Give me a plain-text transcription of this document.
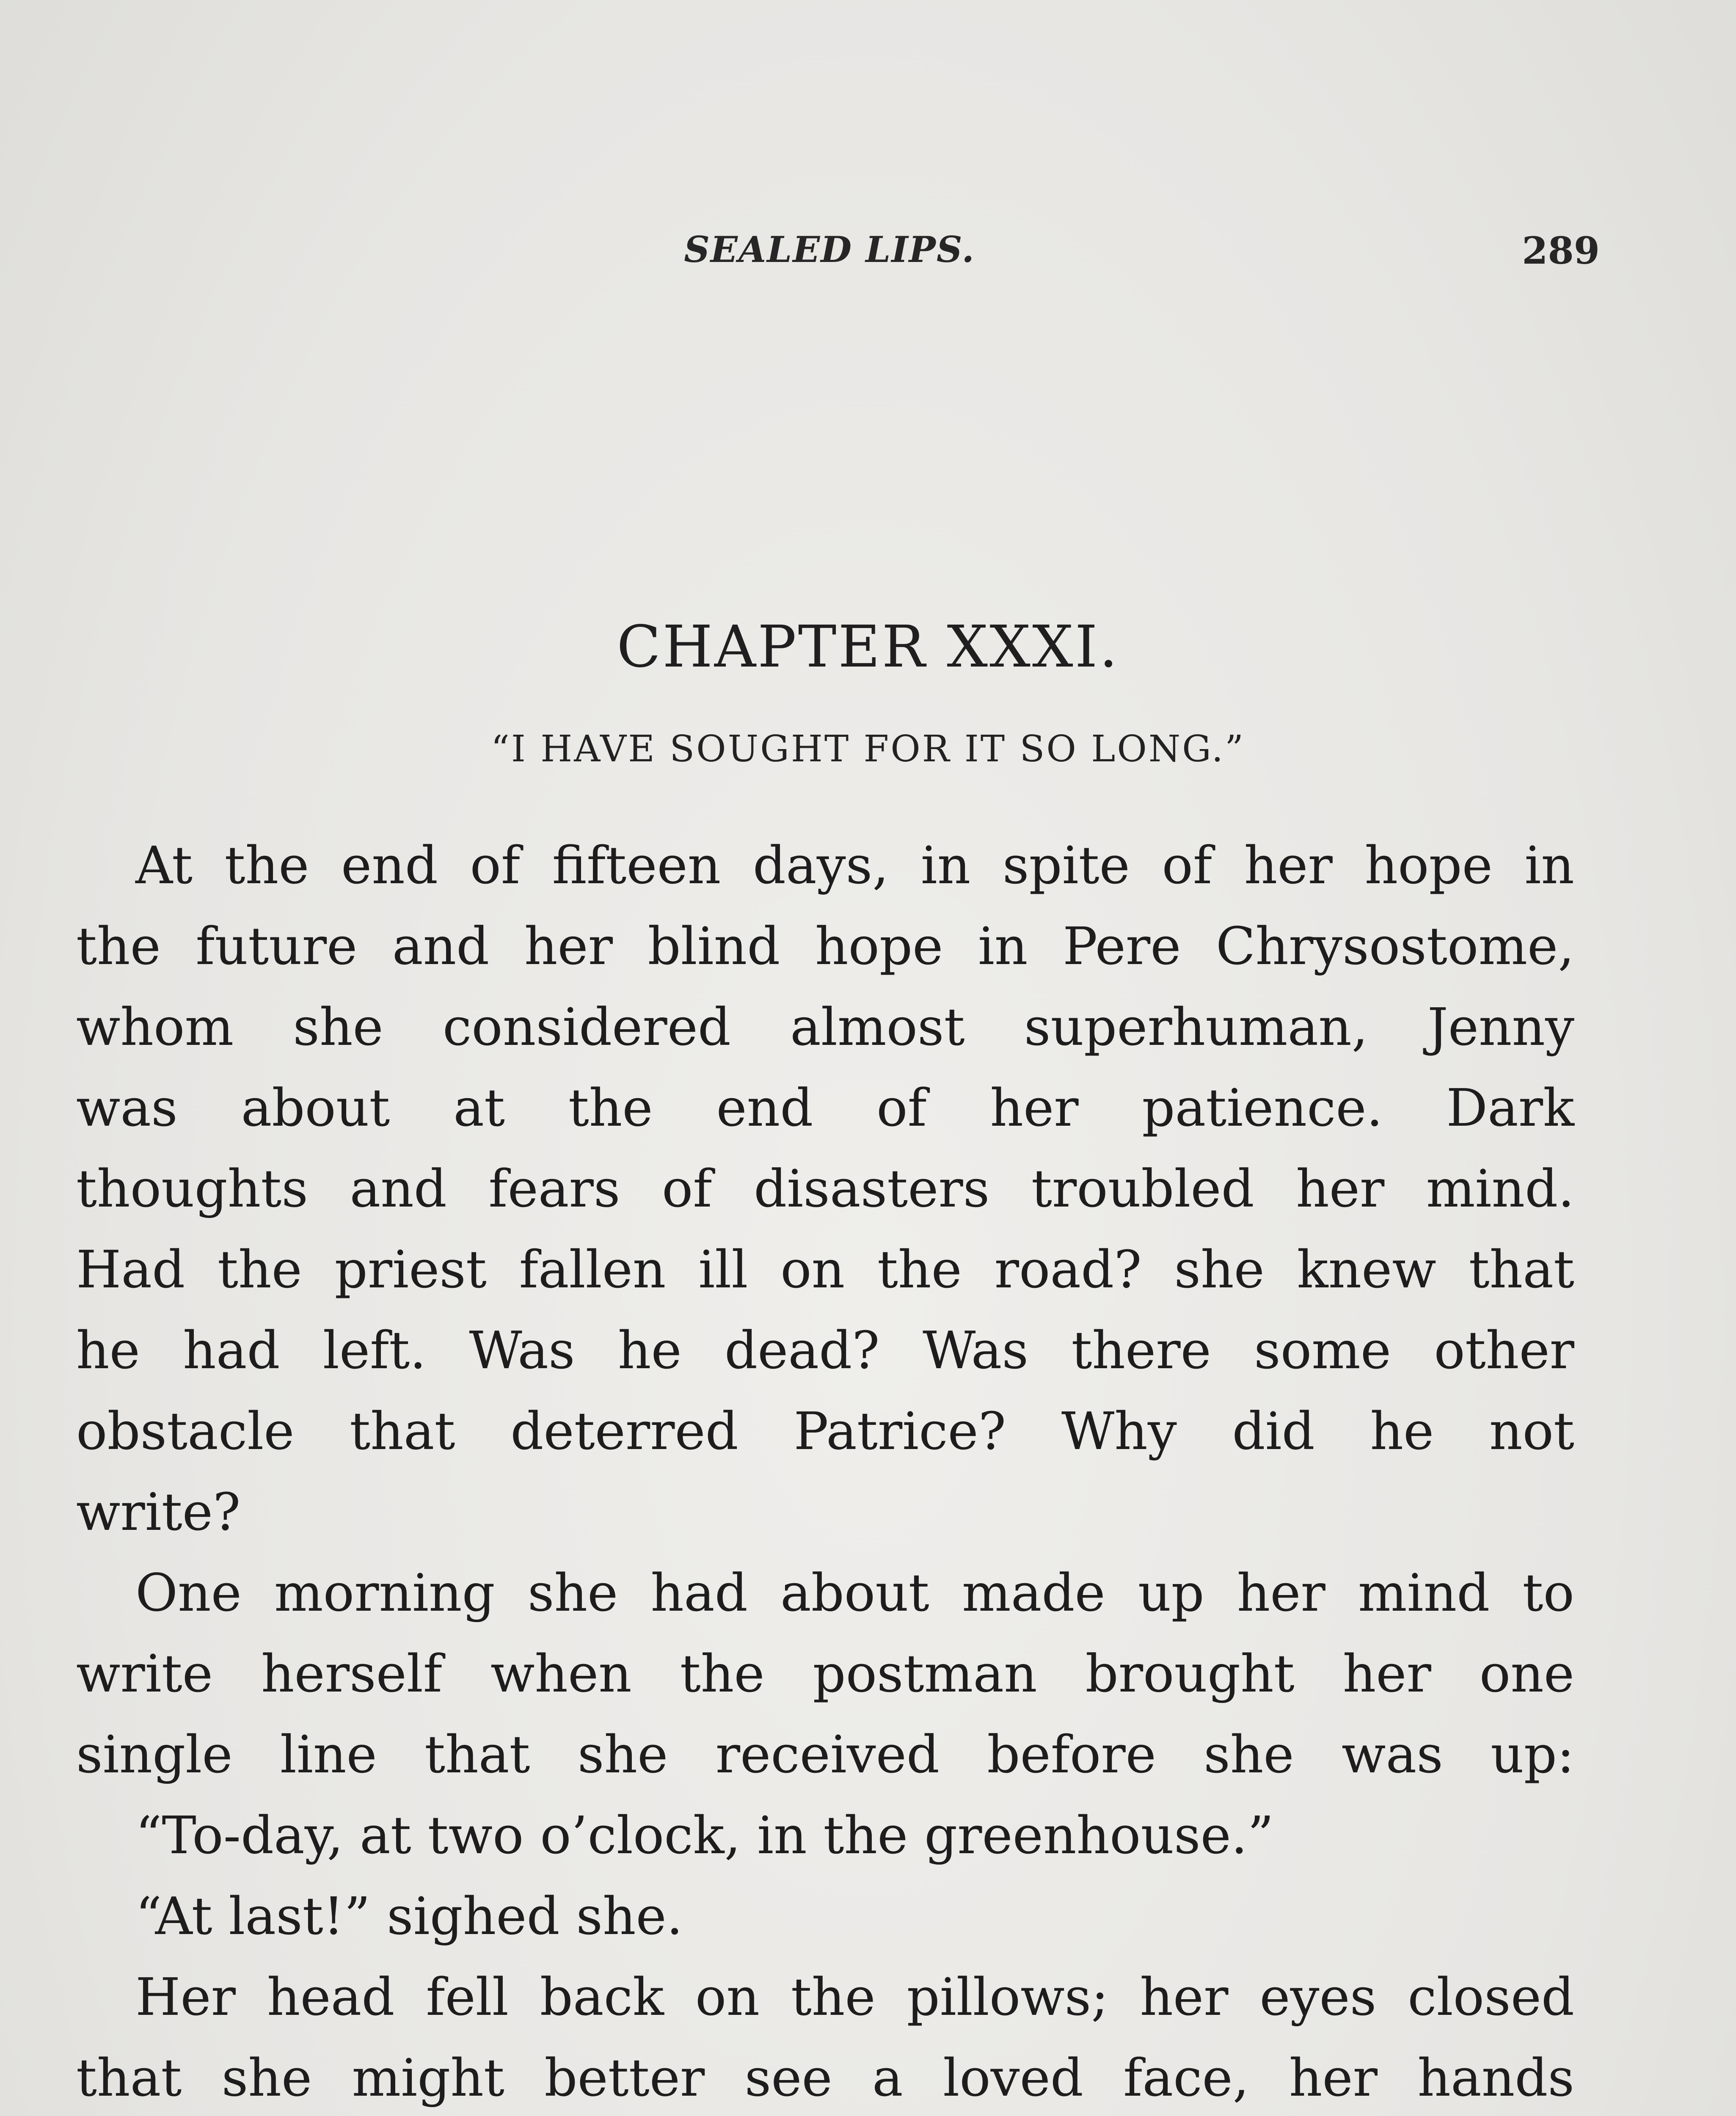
SEALED LIPS.	289
CHAPTER XXXI.
“I HAVE SOUGHT FOR IT SO LONG.”
At the end of fifteen days, in spite of her hope in
the future and her blind hope in Pere Chrysostome,
whom she considered almost superhuman, Jenny
was about at the end of her patience. Dark
thoughts and fears of disasters troubled her mind.
Had the priest fallen ill on the road? she knew that
he had left. Was he dead? Was there some other
obstacle that deterred Patrice? Why did he not
write?
One morning she had about made up her mind to
write herself when the postman brought her one
single line that she received before she was up:
“To-day, at two o’clock, in the greenhouse.”
“At last!” sighed she.
Her head fell back on the pillows; her eyes closed
that she might better see a loved face, her hands
